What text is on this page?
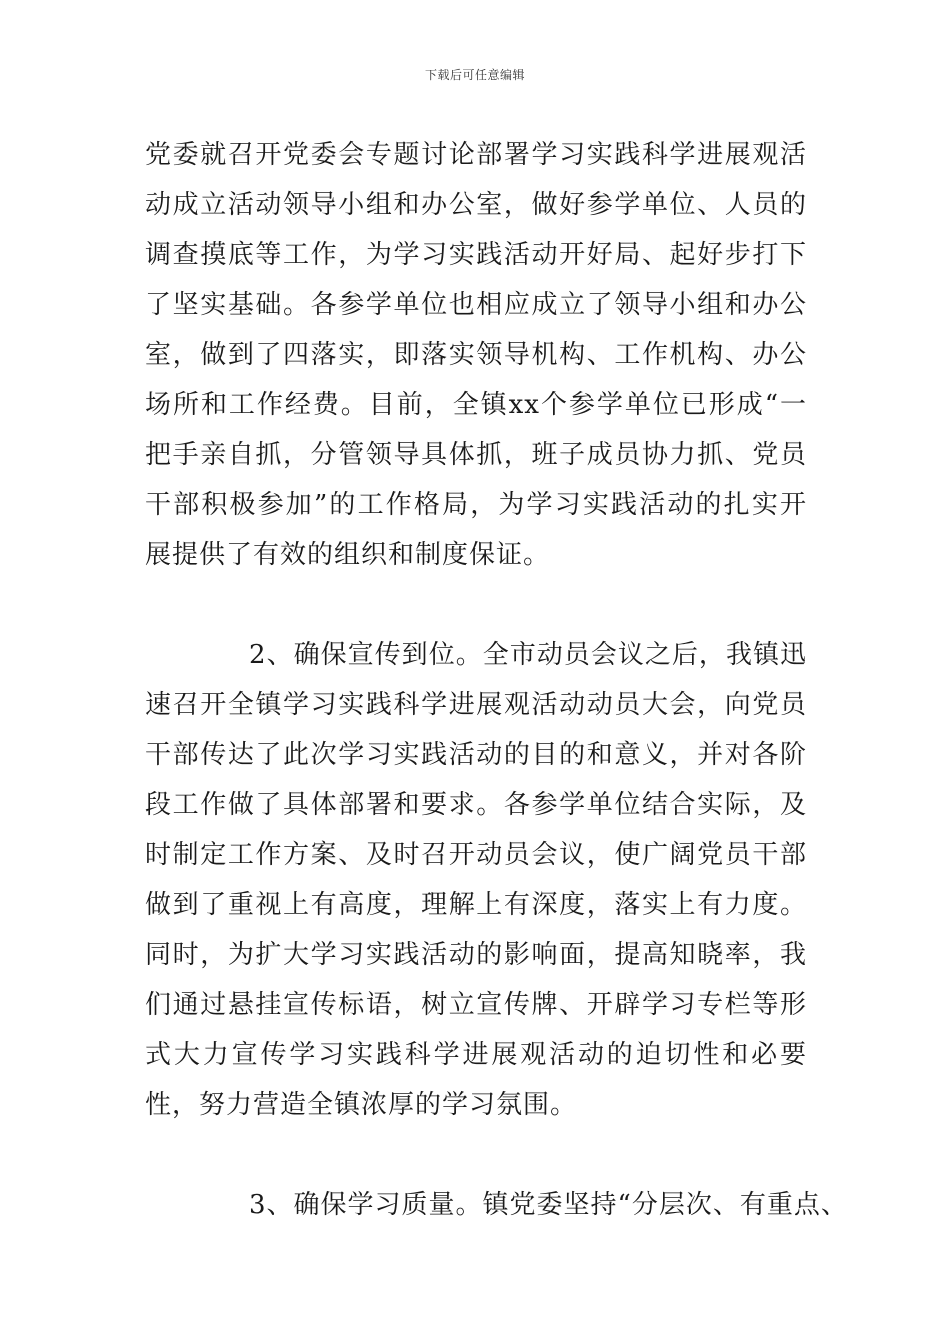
下载后可任意编辑

党委就召开党委会专题讨论部署学习实践科学进展观活动成立活动领导小组和办公室，做好参学单位、人员的调查摸底等工作，为学习实践活动开好局、起好步打下了坚实基础。各参学单位也相应成立了领导小组和办公室，做到了四落实，即落实领导机构、工作机构、办公场所和工作经费。目前，全镇xx个参学单位已形成“一把手亲自抓，分管领导具体抓，班子成员协力抓、党员干部积极参加”的工作格局，为学习实践活动的扎实开展提供了有效的组织和制度保证。

2、确保宣传到位。全市动员会议之后，我镇迅速召开全镇学习实践科学进展观活动动员大会，向党员干部传达了此次学习实践活动的目的和意义，并对各阶段工作做了具体部署和要求。各参学单位结合实际，及时制定工作方案、及时召开动员会议，使广阔党员干部做到了重视上有高度，理解上有深度，落实上有力度。同时，为扩大学习实践活动的影响面，提高知晓率，我们通过悬挂宣传标语，树立宣传牌、开辟学习专栏等形式大力宣传学习实践科学进展观活动的迫切性和必要性，努力营造全镇浓厚的学习氛围。

3、确保学习质量。镇党委坚持“分层次、有重点、
